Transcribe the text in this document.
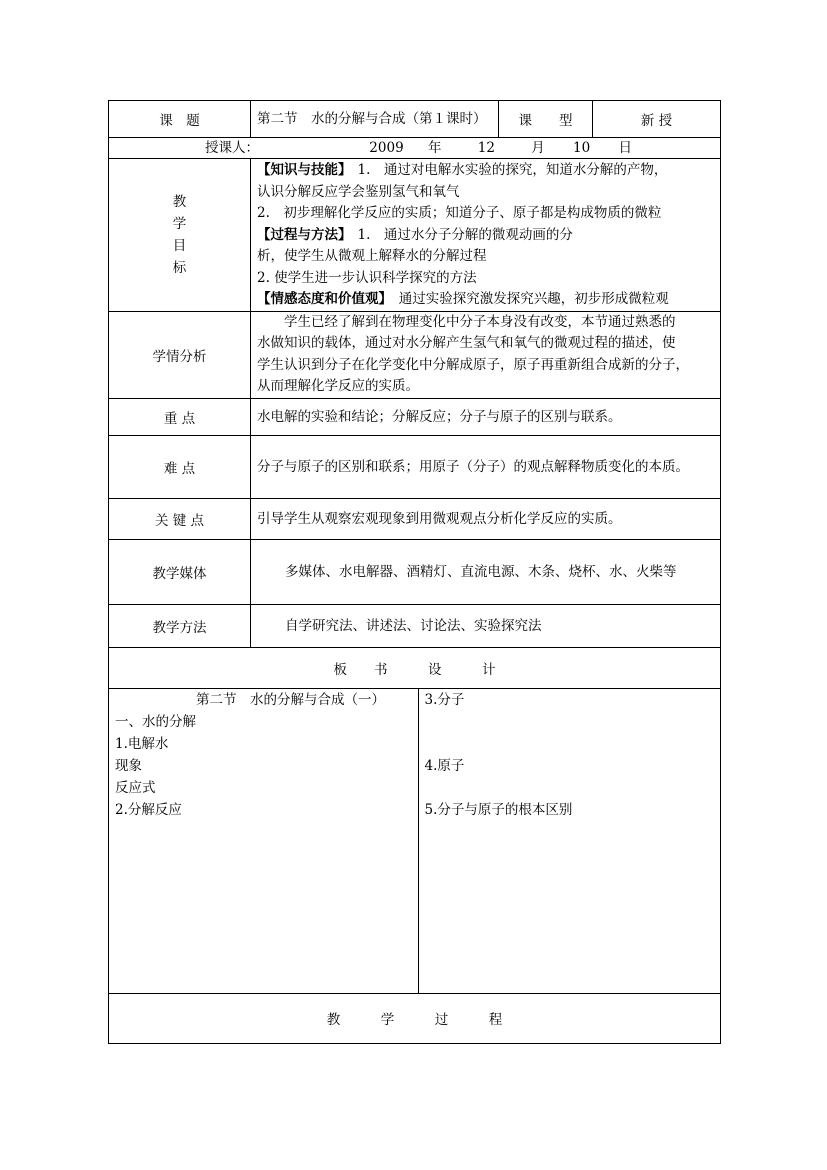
课　题	第二节　水的分解与合成（第１课时）	课　　型	新 授
授课人：	2009 年	12	月 10 日
教
学
目
标	
【知识与技能】 1.　通过对电解水实验的探究，知道水分解的产物，
认识分解反应学会鉴别氢气和氧气
2.　初步理解化学反应的实质；知道分子、原子都是构成物质的微粒
【过程与方法】 1.　通过水分子分解的微观动画的分
析，使学生从微观上解释水的分解过程
2. 使学生进一步认识科学探究的方法
【情感态度和价值观】　通过实验探究激发探究兴趣，初步形成微粒观

学情分析	
　　学生已经了解到在物理变化中分子本身没有改变，本节通过熟悉的
水做知识的载体，通过对水分解产生氢气和氧气的微观过程的描述，使
学生认识到分子在化学变化中分解成原子，原子再重新组合成新的分子，
从而理解化学反应的实质。

重 点	水电解的实验和结论；分解反应；分子与原子的区别与联系。
难 点	分子与原子的区别和联系；用原子（分子）的观点解释物质变化的本质。
关 键 点	引导学生从观察宏观现象到用微观观点分析化学反应的实质。
教学媒体	多媒体、水电解器、酒精灯、直流电源、木条、烧杯、水、火柴等
教学方法	自学研究法、讲述法、讨论法、实验探究法
板　　书　　　设　　　计

　　　　　　第二节　水的分解与合成（一）
一、水的分解
1.电解水
现象
反应式
2.分解反应

3.分子
4.原子
5.分子与原子的根本区别

教　　　学　　　过　　　程
